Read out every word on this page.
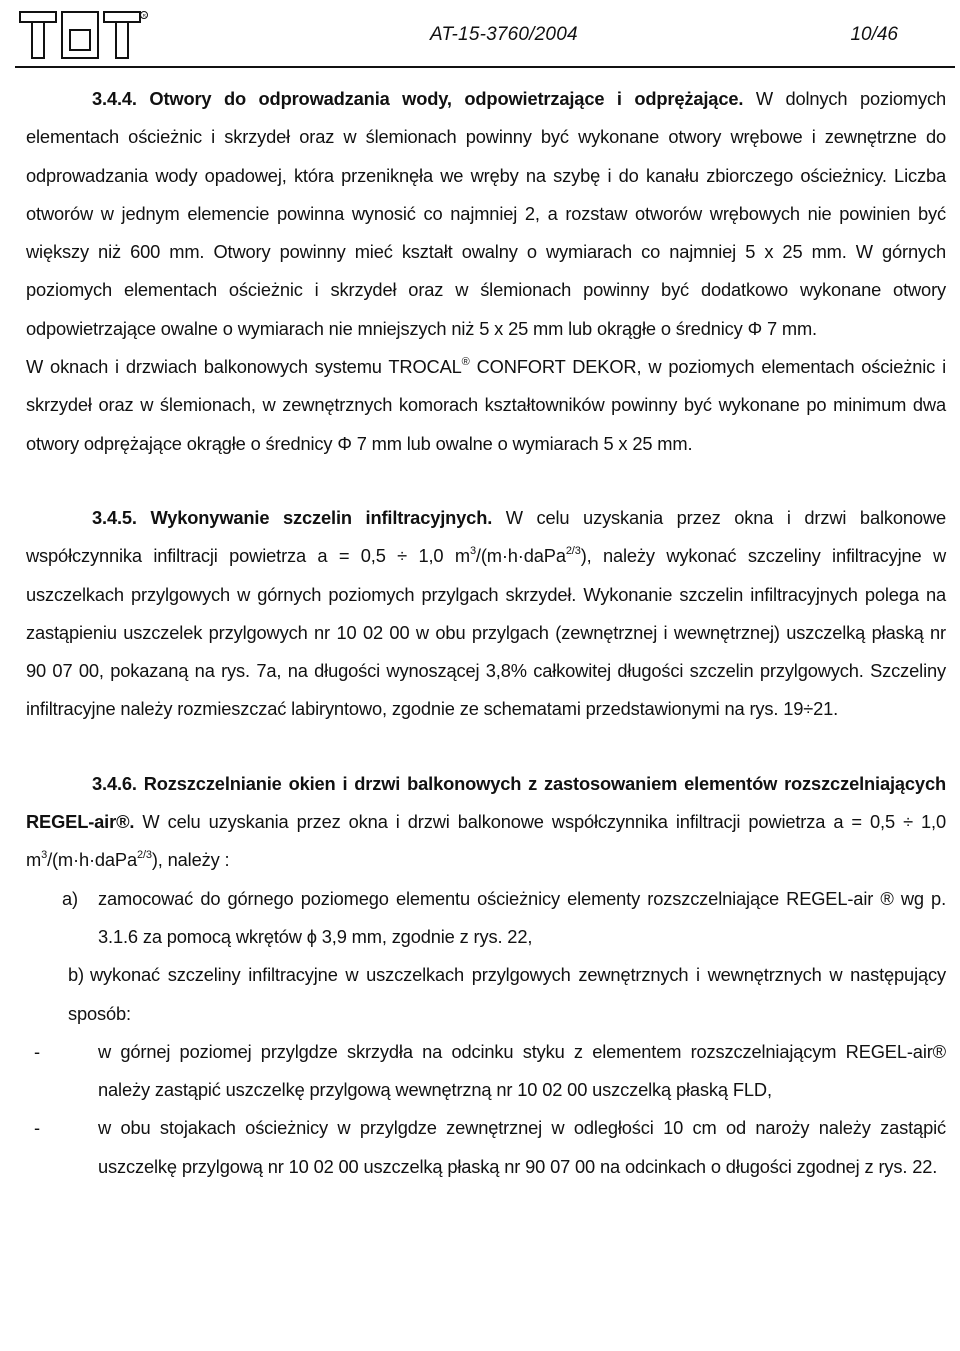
R
AT-15-3760/2004	10/46

3.4.4. Otwory do odprowadzania wody, odpowietrzające i odprężające. W dolnych poziomych elementach ościeżnic i skrzydeł oraz w ślemionach powinny być wykonane otwory wrębowe i zewnętrzne do odprowadzania wody opadowej, która przeniknęła we wręby na szybę i do kanału zbiorczego ościeżnicy. Liczba otworów w jednym elemencie powinna wynosić co najmniej 2, a rozstaw otworów wrębowych nie powinien być większy niż 600 mm. Otwory powinny mieć kształt owalny o wymiarach co najmniej 5 x 25 mm. W górnych poziomych elementach ościeżnic i skrzydeł oraz w ślemionach powinny być dodatkowo wykonane otwory odpowietrzające owalne o wymiarach nie mniejszych niż 5 x 25 mm lub okrągłe o średnicy Φ 7 mm.

W oknach i drzwiach balkonowych systemu TROCAL® CONFORT DEKOR, w poziomych elementach ościeżnic i skrzydeł oraz w ślemionach, w zewnętrznych komorach kształtowników powinny być wykonane po minimum dwa otwory odprężające okrągłe o średnicy Φ 7 mm lub owalne o wymiarach 5 x 25 mm.

3.4.5. Wykonywanie szczelin infiltracyjnych. W celu uzyskania przez okna i drzwi balkonowe współczynnika infiltracji powietrza a = 0,5 ÷ 1,0 $m^3/(m\cdot h\cdot daPa^{2/3})$, należy wykonać szczeliny infiltracyjne w uszczelkach przylgowych w górnych poziomych przylgach skrzydeł. Wykonanie szczelin infiltracyjnych polega na zastąpieniu uszczelek przylgowych nr 10 02 00 w obu przylgach (zewnętrznej i wewnętrznej) uszczelką płaską nr 90 07 00, pokazaną na rys. 7a, na długości wynoszącej 3,8% całkowitej długości szczelin przylgowych. Szczeliny infiltracyjne należy rozmieszczać labiryntowo, zgodnie ze schematami przedstawionymi na rys. 19÷21.

3.4.6. Rozszczelnianie okien i drzwi balkonowych z zastosowaniem elementów rozszczelniających REGEL-air®. W celu uzyskania przez okna i drzwi balkonowe współczynnika infiltracji powietrza a = 0,5 ÷ 1,0 $m^3/(m\cdot h\cdot daPa^{2/3})$, należy :

a) zamocować do górnego poziomego elementu ościeżnicy elementy rozszczelniające REGEL-air ® wg p. 3.1.6 za pomocą wkrętów ϕ 3,9 mm, zgodnie z rys. 22,
b) wykonać szczeliny infiltracyjne w uszczelkach przylgowych zewnętrznych i wewnętrznych w następujący sposób:
-	w górnej poziomej przylgdze skrzydła na odcinku styku z elementem rozszczelniającym REGEL-air® należy zastąpić uszczelkę przylgową wewnętrzną nr 10 02 00 uszczelką płaską FLD,
-	w obu stojakach ościeżnicy w przylgdze zewnętrznej w odległości 10 cm od naroży należy zastąpić uszczelkę przylgową nr 10 02 00 uszczelką płaską nr 90 07 00 na odcinkach o długości zgodnej z rys. 22.
